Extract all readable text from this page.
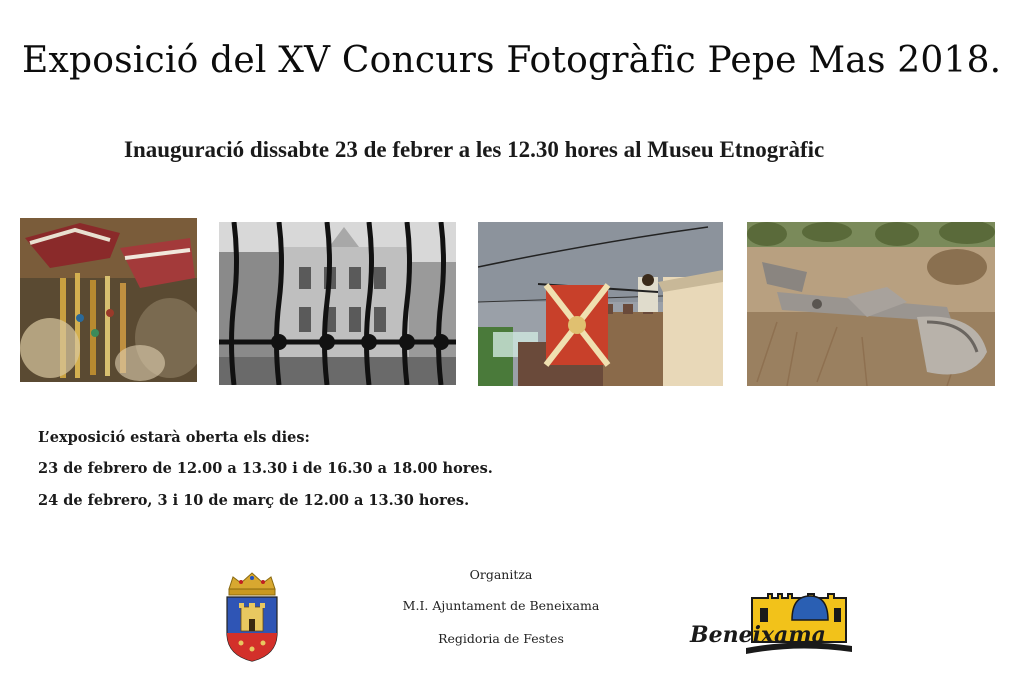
Exposició del XV Concurs Fotogràfic Pepe Mas 2018.
Inauguració dissabte 23 de febrer a les 12.30 hores al Museu Etnogràfic
L’exposició estarà oberta els dies:
23 de febrero de 12.00 a 13.30 i de 16.30 a 18.00 hores.
24 de febrero, 3 i 10 de març de 12.00 a 13.30 hores.
Organitza
M.I. Ajuntament de Beneixama
Regidoria de Festes	Beneixama
